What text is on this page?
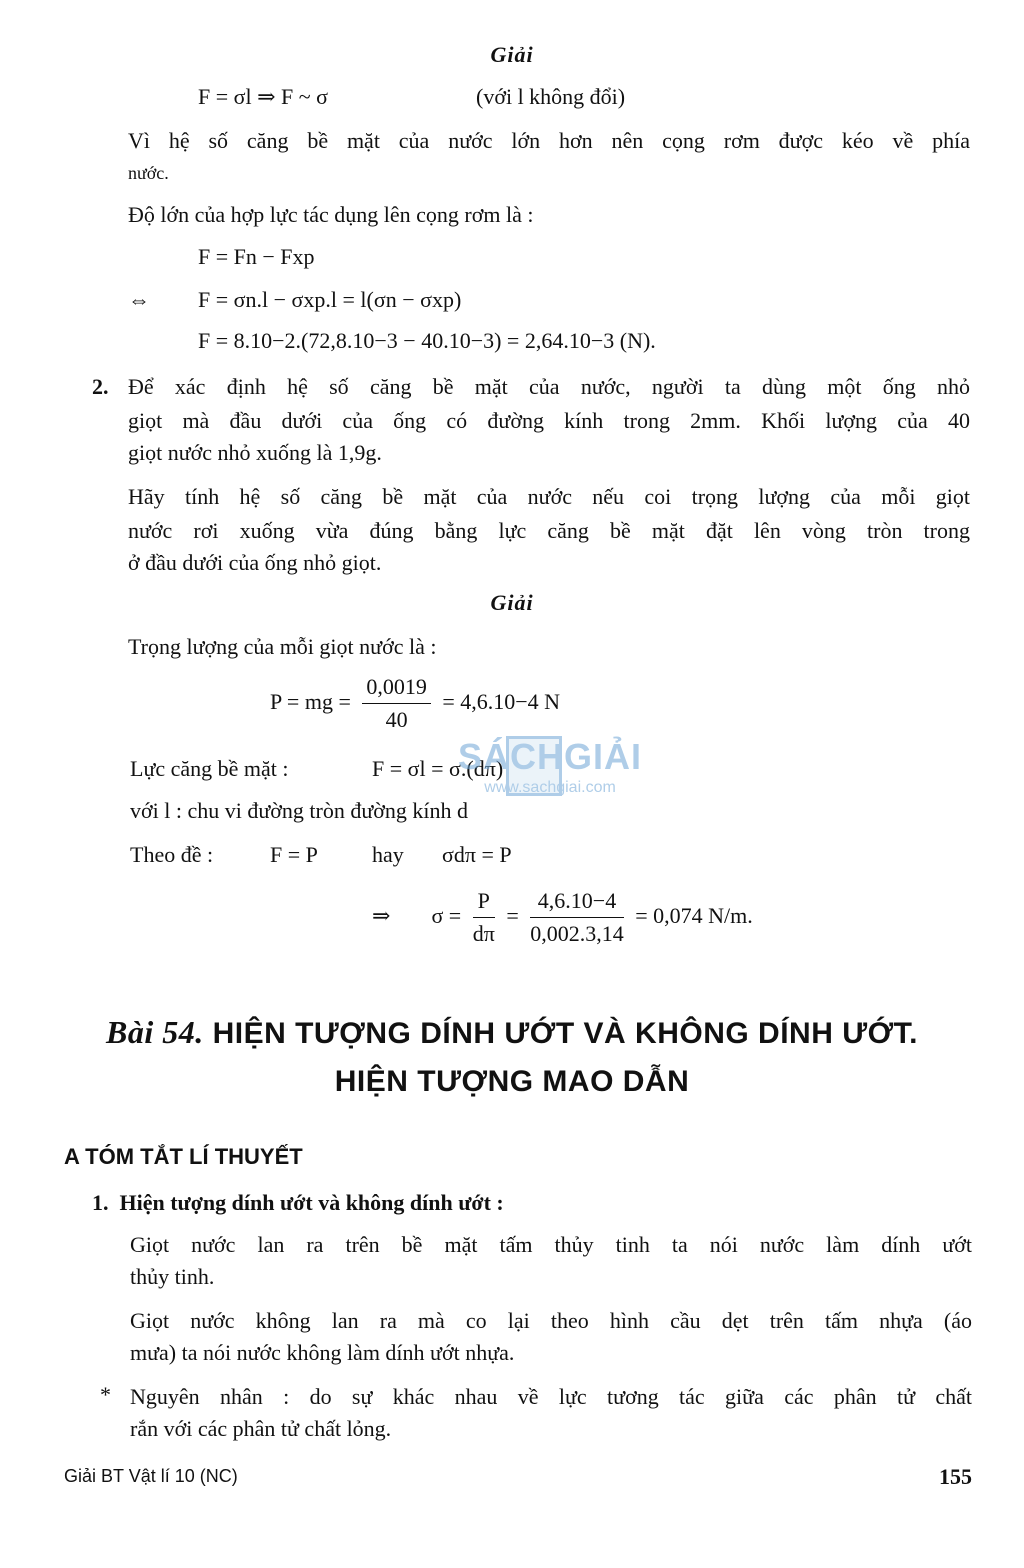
Giải
F = σl ⇒ F ~ σ	(với l không đổi)
Vì hệ số căng bề mặt của nước lớn hơn nên cọng rơm được kéo về phía
nước.
Độ lớn của hợp lực tác dụng lên cọng rơm là :
F = Fn − Fxp
⇔ F = σn.l − σxp.l = l(σn − σxp)
F = 8.10−2.(72,8.10−3 − 40.10−3) = 2,64.10−3 (N).
2. Để xác định hệ số căng bề mặt của nước, người ta dùng một ống nhỏ
giọt mà đầu dưới của ống có đường kính trong 2mm. Khối lượng của 40
giọt nước nhỏ xuống là 1,9g.
Hãy tính hệ số căng bề mặt của nước nếu coi trọng lượng của mỗi giọt
nước rơi xuống vừa đúng bằng lực căng bề mặt đặt lên vòng tròn trong
ở đầu dưới của ống nhỏ giọt.
Giải
Trọng lượng của mỗi giọt nước là :
P = mg = $\frac{0,0019}{40} = 4,6.10-4$ N
Lực căng bề mặt :	F = σl = σ.(dπ)
với l : chu vi đường tròn đường kính d
Theo đề :	F = P hay σdπ = P
⇒ $\sigma = \frac{P}{d\pi} = \frac{4,6.10-4}{0,002.3,14} = 0,074$ N/m.
SÁCHGIẢI
www.sachgiai.com
Bài 54. HIỆN TƯỢNG DÍNH ƯỚT VÀ KHÔNG DÍNH ƯỚT.
HIỆN TƯỢNG MAO DẪN
A TÓM TẮT LÍ THUYẾT
1.  Hiện tượng dính ướt và không dính ướt :
Giọt nước lan ra trên bề mặt tấm thủy tinh ta nói nước làm dính ướt
thủy tinh.
Giọt nước không lan ra mà co lại theo hình cầu dẹt trên tấm nhựa (áo
mưa) ta nói nước không làm dính ướt nhựa.
* Nguyên nhân : do sự khác nhau về lực tương tác giữa các phân tử chất
rắn với các phân tử chất lỏng.
Giải BT Vật lí 10 (NC)	155
